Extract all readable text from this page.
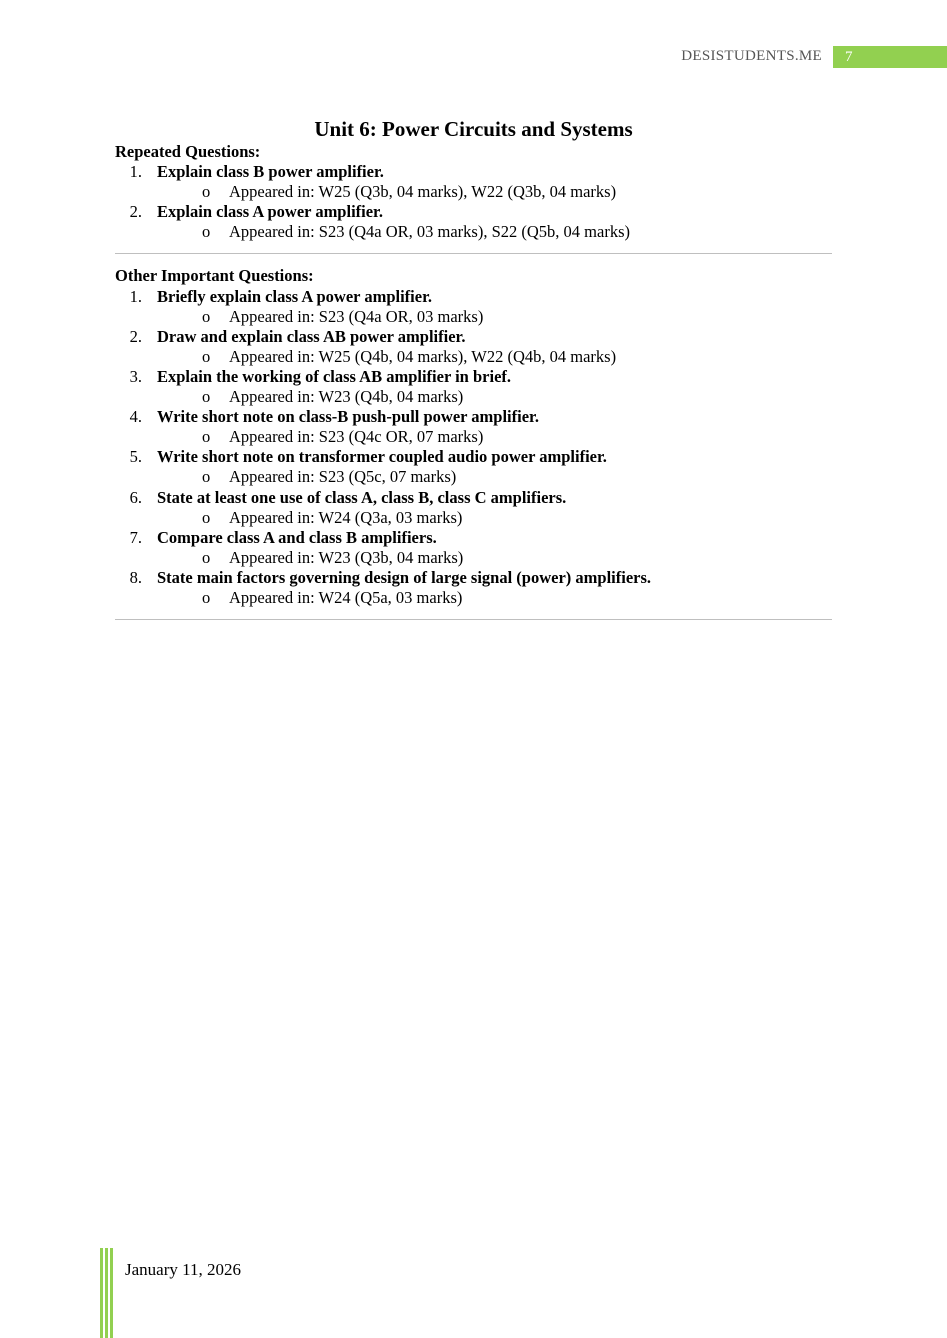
DESISTUDENTS.ME	7
Unit 6: Power Circuits and Systems

Repeated Questions:

1 .	Explain class B power amplifier.
o	Appeared in: W25 (Q3b, 04 marks), W22 (Q3b, 04 marks)
2 .	Explain class A power amplifier.
o	Appeared in: S23 (Q4a OR, 03 marks), S22 (Q5b, 04 marks)

Other Important Questions:

1 .	Briefly explain class A power amplifier.
o	Appeared in: S23 (Q4a OR, 03 marks)
2 .	Draw and explain class AB power amplifier.
o	Appeared in: W25 (Q4b, 04 marks), W22 (Q4b, 04 marks)
3 .	Explain the working of class AB amplifier in brief.
o	Appeared in: W23 (Q4b, 04 marks)
4 .	Write short note on class-B push-pull power amplifier.
o	Appeared in: S23 (Q4c OR, 07 marks)
5 .	Write short note on transformer coupled audio power amplifier.
o	Appeared in: S23 (Q5c, 07 marks)
6 .	State at least one use of class A, class B, class C amplifiers.
o	Appeared in: W24 (Q3a, 03 marks)
7 .	Compare class A and class B amplifiers.
o	Appeared in: W23 (Q3b, 04 marks)
8 .	State main factors governing design of large signal (power) amplifiers.
o	Appeared in: W24 (Q5a, 03 marks)
January 11, 2026
